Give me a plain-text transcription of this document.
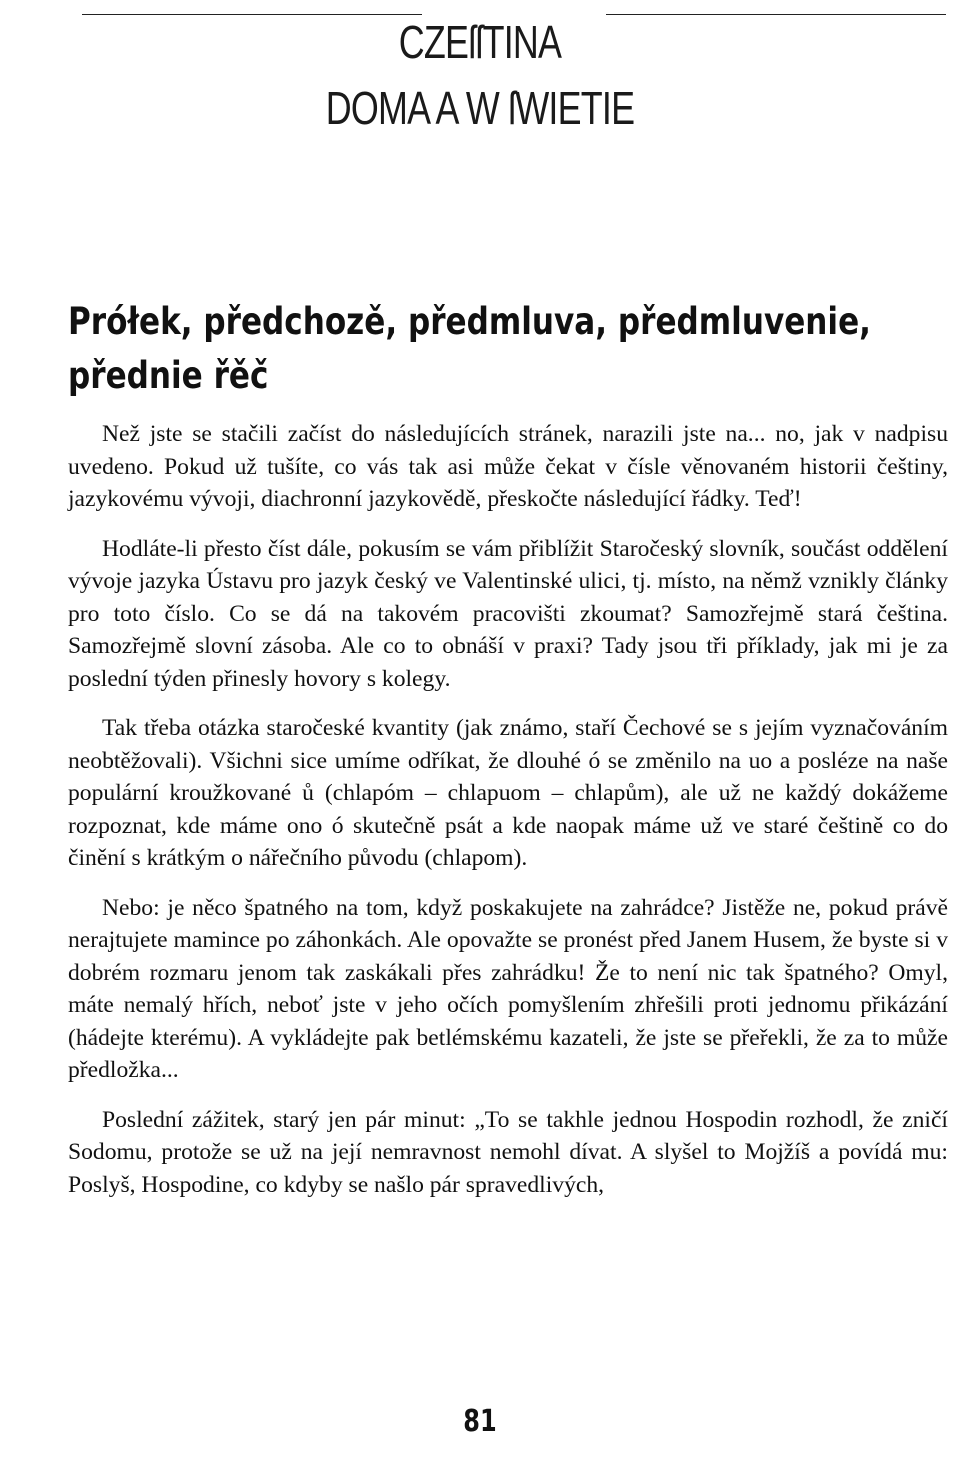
CZEſſTINA
DOMA A W ſWIETIE
Prółek, předchozě, předmluva, předmluvenie, přednie řěč

Než jste se stačili začíst do následujících stránek, narazili jste na... no, jak v nadpisu uvedeno. Pokud už tušíte, co vás tak asi může čekat v čísle věnovaném historii češtiny, jazykovému vývoji, diachronní jazykovědě, přeskočte následující řádky. Teď!

Hodláte-li přesto číst dále, pokusím se vám přiblížit Staročeský slovník, součást oddělení vývoje jazyka Ústavu pro jazyk český ve Valentinské ulici, tj. místo, na němž vznikly články pro toto číslo. Co se dá na takovém pracovišti zkoumat? Samozřejmě stará čeština. Samozřejmě slovní zásoba. Ale co to obnáší v praxi? Tady jsou tři příklady, jak mi je za poslední týden přinesly hovory s kolegy.

Tak třeba otázka staročeské kvantity (jak známo, staří Čechové se s jejím vyznačováním neobtěžovali). Všichni sice umíme odříkat, že dlouhé ó se změnilo na uo a posléze na naše populární kroužkované ů (chlapóm – chlapuom – chlapům), ale už ne každý dokážeme rozpoznat, kde máme ono ó skutečně psát a kde naopak máme už ve staré češtině co do činění s krátkým o nářečního původu (chlapom).

Nebo: je něco špatného na tom, když poskakujete na zahrádce? Jistěže ne, pokud právě nerajtujete mamince po záhonkách. Ale opovažte se pronést před Janem Husem, že byste si v dobrém rozmaru jenom tak zaskákali přes zahrádku! Že to není nic tak špatného? Omyl, máte nemalý hřích, neboť jste v jeho očích pomyšlením zhřešili proti jednomu přikázání (hádejte kterému). A vykládejte pak betlémskému kazateli, že jste se přeřekli, že za to může předložka...

Poslední zážitek, starý jen pár minut: „To se takhle jednou Hospodin rozhodl, že zničí Sodomu, protože se už na její nemravnost nemohl dívat. A slyšel to Mojžíš a povídá mu: Poslyš, Hospodine, co kdyby se našlo pár spravedlivých,

81
